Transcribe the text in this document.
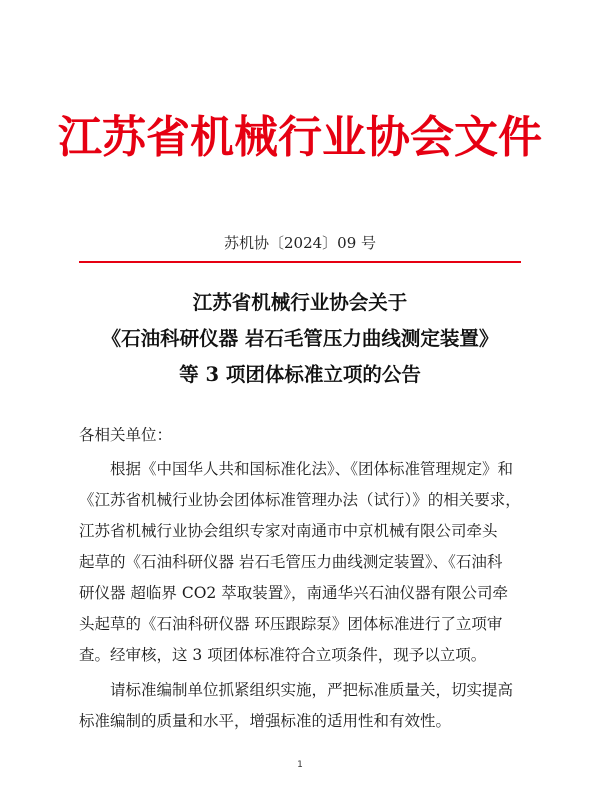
江苏省机械行业协会文件
苏机协〔2024〕09 号
江苏省机械行业协会关于
《石油科研仪器 岩石毛管压力曲线测定装置》
等 3 项团体标准立项的公告
各相关单位：
根据《中国华人共和国标准化法》、《团体标准管理规定》和
《江苏省机械行业协会团体标准管理办法（试行）》的相关要求，
江苏省机械行业协会组织专家对南通市中京机械有限公司牵头
起草的《石油科研仪器 岩石毛管压力曲线测定装置》、《石油科
研仪器 超临界 CO2 萃取装置》，南通华兴石油仪器有限公司牵
头起草的《石油科研仪器 环压跟踪泵》团体标准进行了立项审
查。经审核，这 3 项团体标准符合立项条件，现予以立项。
请标准编制单位抓紧组织实施，严把标准质量关，切实提高
标准编制的质量和水平，增强标准的适用性和有效性。
1
